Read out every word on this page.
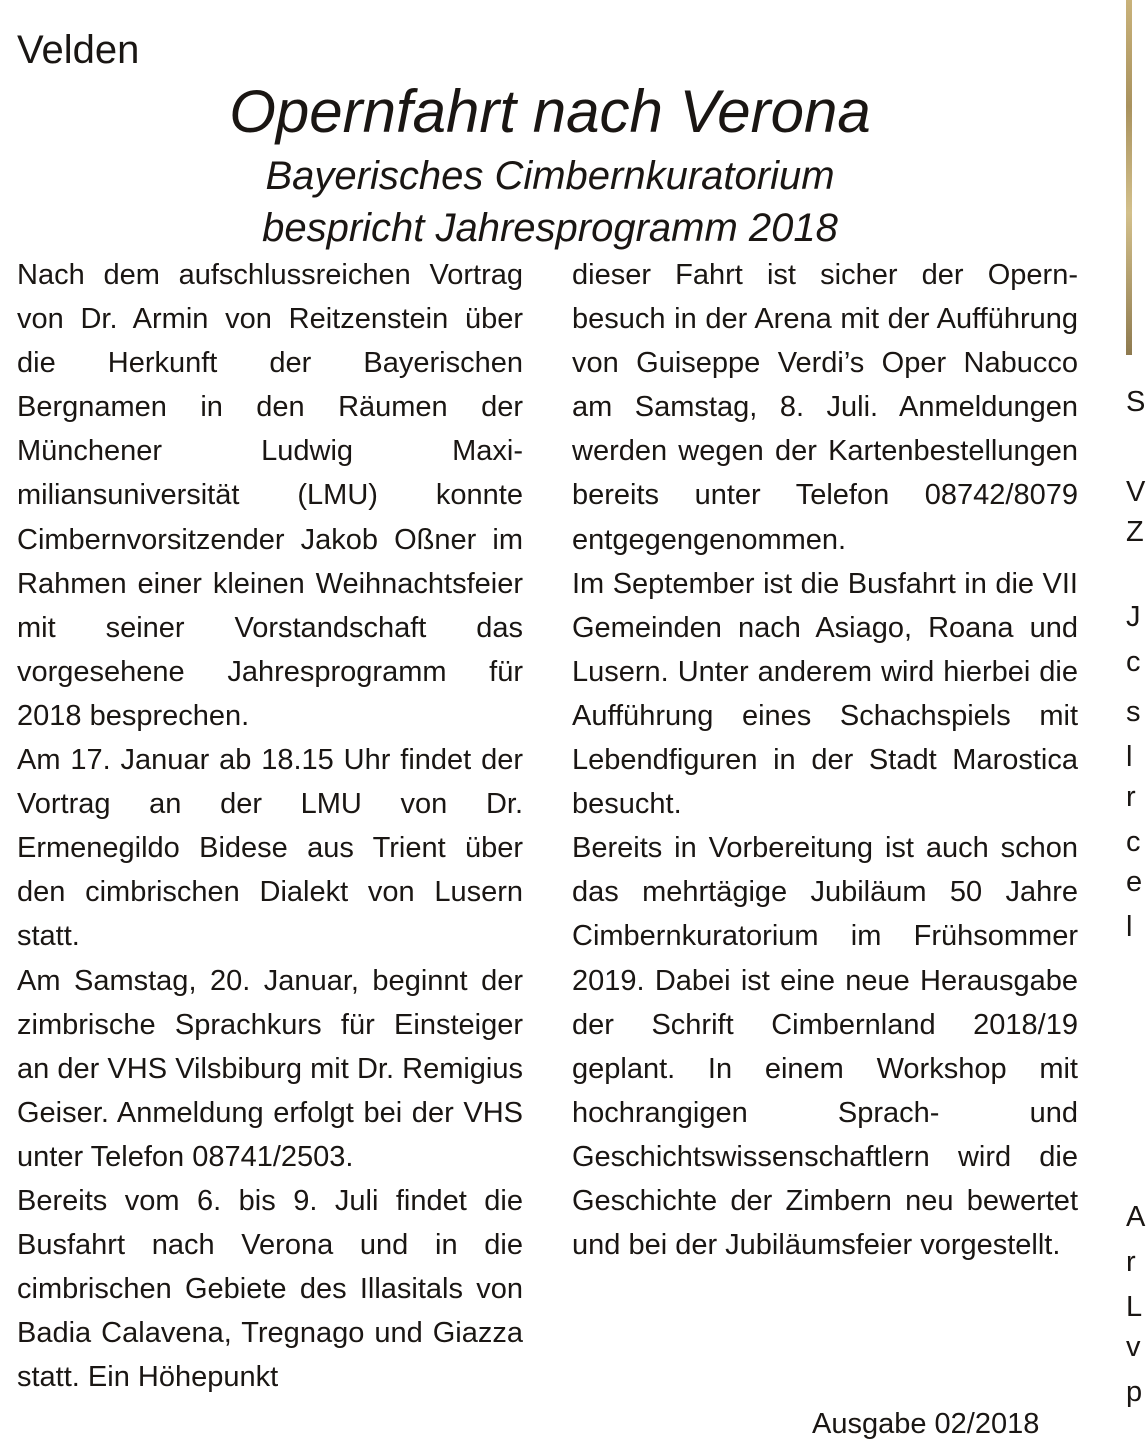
Velden
Opernfahrt nach Verona
Bayerisches Cimbernkuratorium
bespricht Jahresprogramm 2018

Nach dem aufschlussreichen Vortrag von Dr. Armin von Reitzenstein über die Herkunft der Bayerischen Bergnamen in den Räumen der Münchener Ludwig Maximiliansuniversität (LMU) konnte Cimbernvorsitzender Jakob Oßner im Rahmen einer kleinen Weihnachtsfeier mit seiner Vorstandschaft das vorgesehene Jahresprogramm für 2018 besprechen.

Am 17. Januar ab 18.15 Uhr findet der Vortrag an der LMU von Dr. Ermenegildo Bidese aus Trient über den cimbrischen Dialekt von Lusern statt.

Am Samstag, 20. Januar, beginnt der zimbrische Sprachkurs für Einsteiger an der VHS Vilsbiburg mit Dr. Remigius Geiser. Anmeldung erfolgt bei der VHS unter Telefon 08741/2503.

Bereits vom 6. bis 9. Juli findet die Busfahrt nach Verona und in die cimbrischen Gebiete des Illasitals von Badia Calavena, Tregnago und Giazza statt. Ein Höhepunkt

dieser Fahrt ist sicher der Opernbesuch in der Arena mit der Aufführung von Guiseppe Verdi’s Oper Nabucco am Samstag, 8. Juli. Anmeldungen werden wegen der Kartenbestellungen bereits unter Telefon 08742/8079 entgegengenommen.

Im September ist die Busfahrt in die VII Gemeinden nach Asiago, Roana und Lusern. Unter anderem wird hierbei die Aufführung eines Schachspiels mit Lebendfiguren in der Stadt Marostica besucht.

Bereits in Vorbereitung ist auch schon das mehrtägige Jubiläum 50 Jahre Cimbernkuratorium im Frühsommer 2019. Dabei ist eine neue Herausgabe der Schrift Cimbernland 2018/19 geplant. In einem Workshop mit hochrangigen Sprach- und Geschichtswissenschaftlern wird die Geschichte der Zimbern neu bewertet und bei der Jubiläumsfeier vorgestellt.

Ausgabe 02/2018
S
V
Z
J
c
s
l
r
c
e
l
A
r
L
v
p
